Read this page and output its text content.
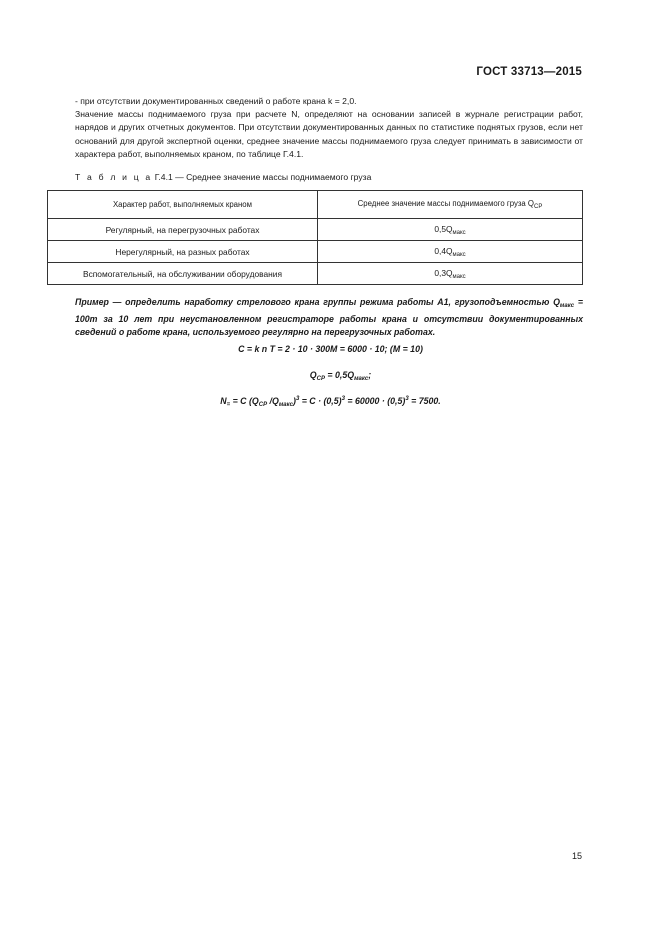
ГОСТ 33713—2015
- при отсутствии документированных сведений о работе крана k = 2,0.
Значение массы поднимаемого груза при расчете N, определяют на основании записей в журнале регистрации работ, нарядов и других отчетных документов. При отсутствии документированных данных по статистике поднятых грузов, если нет оснований для другой экспертной оценки, среднее значение массы поднимаемого груза следует принимать в зависимости от характера работ, выполняемых краном, по таблице Г.4.1.
Т а б л и ц а Г.4.1 — Среднее значение массы поднимаемого груза
Характер работ, выполняемых краном	Среднее значение массы поднимаемого груза $Q_{СР}$
Регулярный, на перегрузочных работах	$0,5Q_{макс}$
Нерегулярный, на разных работах	$0,4Q_{макс}$
Вспомогательный, на обслуживании оборудования	$0,3Q_{макс}$
Пример — определить наработку стрелового крана группы режима работы А1, грузоподъемностью $Q_{макс} = 100т$ за 10 лет при неустановленном регистраторе работы крана и отсутствии документированных сведений о работе крана, используемого регулярно на перегрузочных работах.
C = k n T = 2 · 10 · 300M = 6000 · 10; (M = 10)
$Q_{CP} = 0,5Q_{макс}$;
$N_= = C$ ($Q_{CP}$ $/Q_{макс})^3 = C \cdot (0,5)^3 = 60000 \cdot (0,5)^3 = 7500$.
15
